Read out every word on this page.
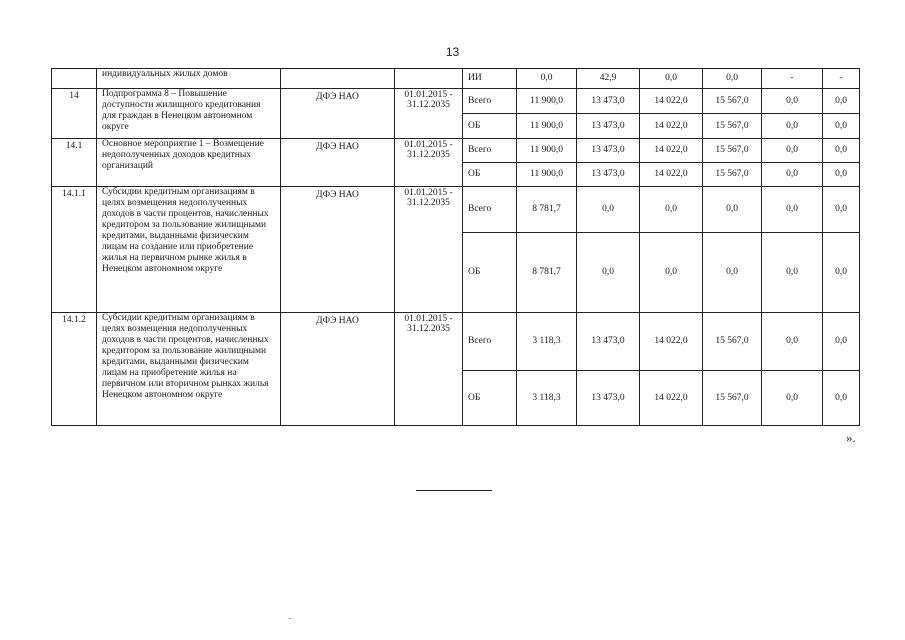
13
	индивидуальных жилых домов			ИИ	0,0	42,9	0,0	0,0	-	-
14	Подпрограмма 8 – Повышение доступности жилищного кредитования для граждан в Ненецком автономном округе	ДФЭ НАО	01.01.2015 - 31.12.2035	Всего	11 900,0	13 473,0	14 022,0	15 567,0	0,0	0,0
				ОБ	11 900,0	13 473,0	14 022,0	15 567,0	0,0	0,0
14.1	Основное мероприятие 1 – Возмещение недополученных доходов кредитных организаций	ДФЭ НАО	01.01.2015 - 31.12.2035	Всего	11 900,0	13 473,0	14 022,0	15 567,0	0,0	0,0
				ОБ	11 900,0	13 473,0	14 022,0	15 567,0	0,0	0,0
14.1.1	Субсидии кредитным организациям в целях возмещения недополученных доходов в части процентов, начисленных кредитором за пользование жилищными кредитами, выданными физическим лицам на создание или приобретение жилья на первичном рынке жилья в Ненецком автономном округе	ДФЭ НАО	01.01.2015 - 31.12.2035	Всего	8 781,7	0,0	0,0	0,0	0,0	0,0
				ОБ	8 781,7	0,0	0,0	0,0	0,0	0,0
14.1.2	Субсидии кредитным организациям в целях возмещения недополученных доходов в части процентов, начисленных кредитором за пользование жилищными кредитами, выданными физическим лицам на приобретение жилья на первичном или вторичном рынках жилья Ненецком автономном округе	ДФЭ НАО	01.01.2015 - 31.12.2035	Всего	3 118,3	13 473,0	14 022,0	15 567,0	0,0	0,0
				ОБ	3 118,3	13 473,0	14 022,0	15 567,0	0,0	0,0
».
